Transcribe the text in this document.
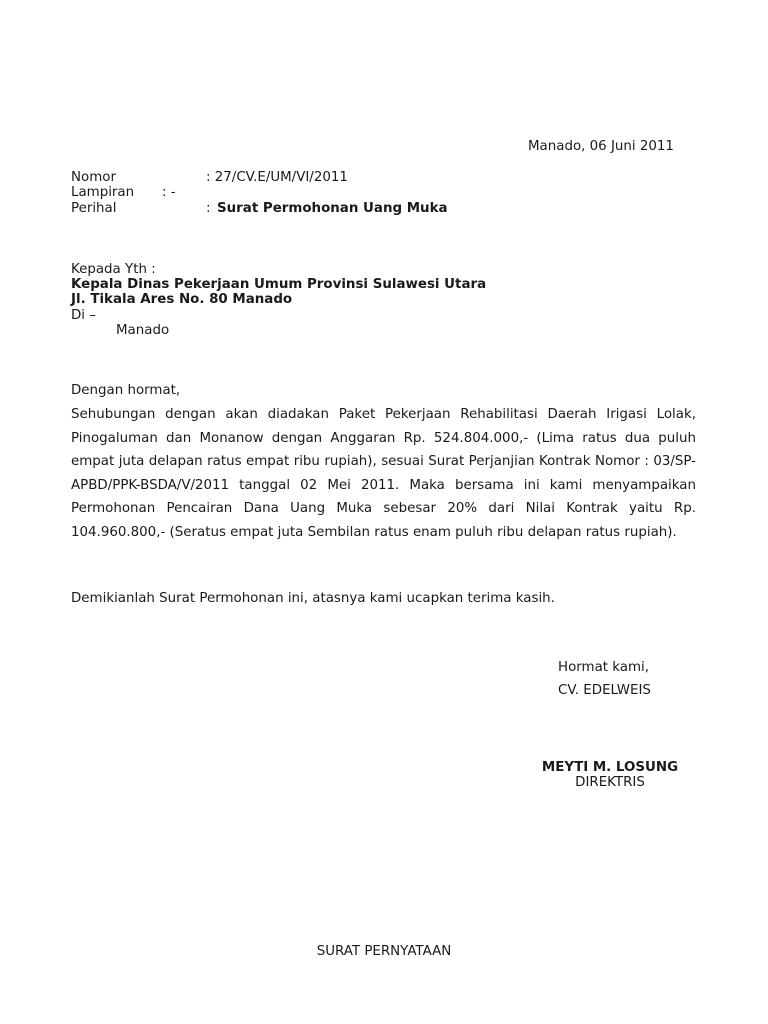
Manado, 06 Juni 2011
Nomor	: 27/CV.E/UM/VI/2011
Lampiran : -
Perihal	: Surat Permohonan Uang Muka
Kepada Yth :
Kepala Dinas Pekerjaan Umum Provinsi Sulawesi Utara
Jl. Tikala Ares No. 80 Manado
Di –
Manado
Dengan hormat,
Sehubungan dengan akan diadakan Paket Pekerjaan Rehabilitasi Daerah Irigasi Lolak, Pinogaluman dan Monanow dengan Anggaran Rp. 524.804.000,- (Lima ratus dua puluh empat juta delapan ratus empat ribu rupiah), sesuai Surat Perjanjian Kontrak Nomor : 03/SP-APBD/PPK-BSDA/V/2011 tanggal 02 Mei 2011. Maka bersama ini kami menyampaikan Permohonan Pencairan Dana Uang Muka sebesar 20% dari Nilai Kontrak yaitu Rp. 104.960.800,- (Seratus empat juta Sembilan ratus enam puluh ribu delapan ratus rupiah).
Demikianlah Surat Permohonan ini, atasnya kami ucapkan terima kasih.
Hormat kami,
CV. EDELWEIS
MEYTI M. LOSUNG
DIREKTRIS
SURAT PERNYATAAN
